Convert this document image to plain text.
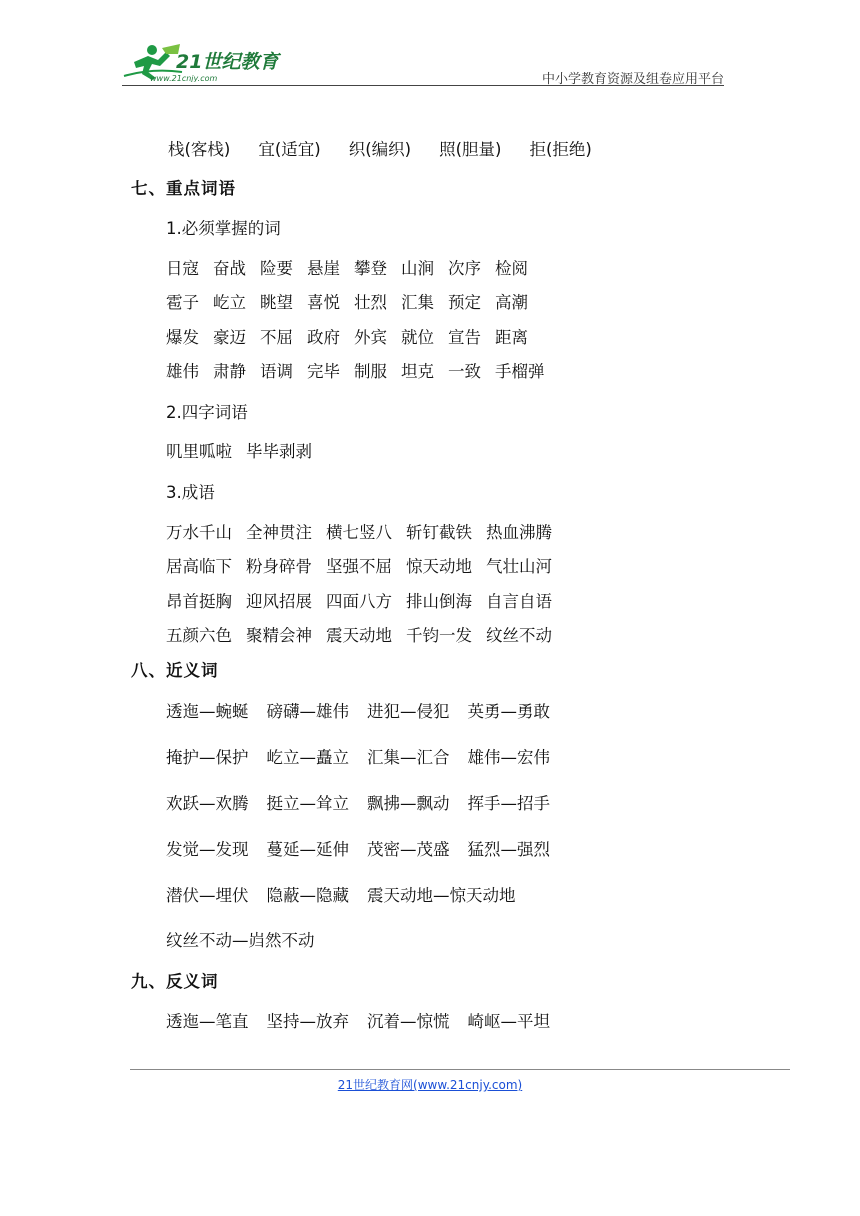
21世纪教育
www.21cnjy.com	中小学教育资源及组卷应用平台
栈(客栈) 宜(适宜) 织(编织) 照(胆量) 拒(拒绝)
七、重点词语
1.必须掌握的词
日寇 奋战 险要 悬崖 攀登 山涧 次序 检阅
雹子 屹立 眺望 喜悦 壮烈 汇集 预定 高潮
爆发 豪迈 不屈 政府 外宾 就位 宣告 距离
雄伟 肃静 语调 完毕 制服 坦克 一致 手榴弹
2.四字词语
叽里呱啦 毕毕剥剥
3.成语
万水千山 全神贯注 横七竖八 斩钉截铁 热血沸腾
居高临下 粉身碎骨 坚强不屈 惊天动地 气壮山河
昂首挺胸 迎风招展 四面八方 排山倒海 自言自语
五颜六色 聚精会神 震天动地 千钧一发 纹丝不动
八、近义词
透迤—蜿蜒 磅礴—雄伟 进犯—侵犯 英勇—勇敢
掩护—保护 屹立—矗立 汇集—汇合 雄伟—宏伟
欢跃—欢腾 挺立—耸立 飘拂—飘动 挥手—招手
发觉—发现 蔓延—延伸 茂密—茂盛 猛烈—强烈
潜伏—埋伏 隐蔽—隐藏 震天动地—惊天动地
纹丝不动—岿然不动
九、反义词
透迤—笔直 坚持—放弃 沉着—惊慌 崎岖—平坦
21世纪教育网(www.21cnjy.com)
